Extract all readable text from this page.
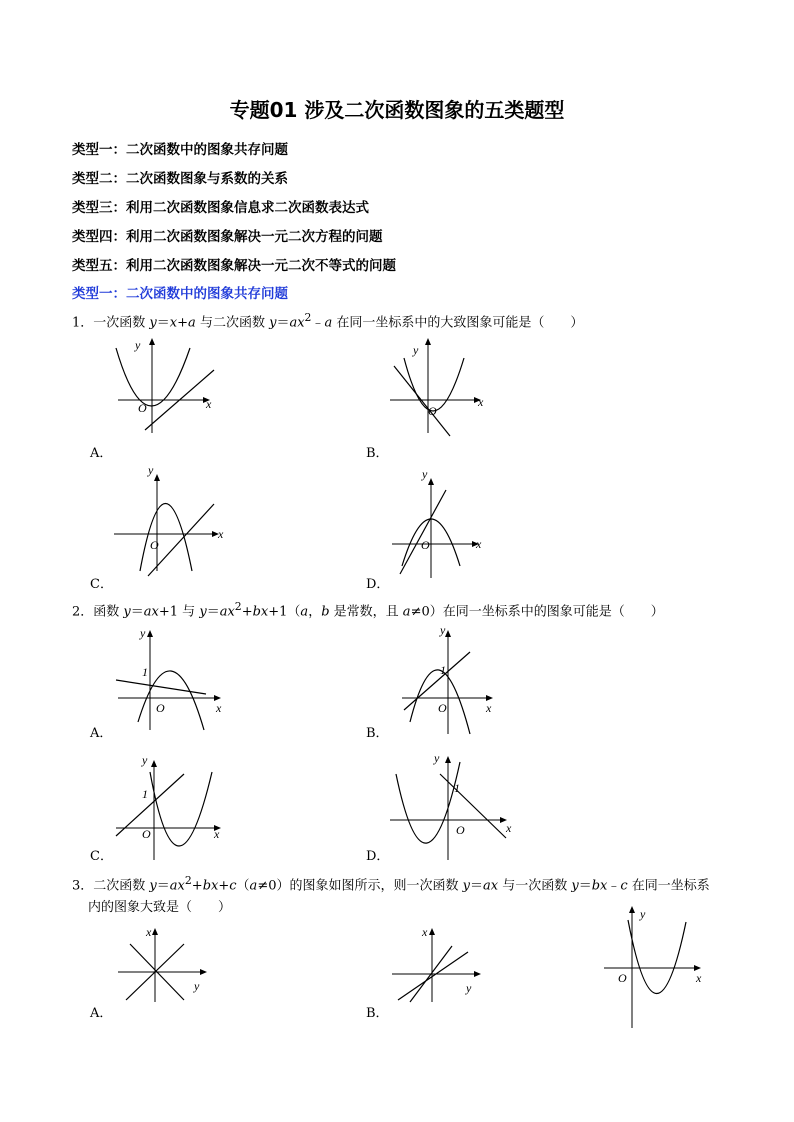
专题01 涉及二次函数图象的五类题型
类型一：二次函数中的图象共存问题
类型二：二次函数图象与系数的关系
类型三：利用二次函数图象信息求二次函数表达式
类型四：利用二次函数图象解决一元二次方程的问题
类型五：利用二次函数图象解决一元二次不等式的问题
类型一：二次函数中的图象共存问题
1．一次函数 y＝x+a 与二次函数 $y=ax^2﹣a$ 在同一坐标系中的大致图象可能是（　　）
x
y
O
A．
x
y
O
B．
x
y
O
C．
x
y
O
D．
2．函数 y＝ax+1 与 $y=ax^2+bx+1(a$，b 是常数，且 a≠0）在同一坐标系中的图象可能是（　　）
x
y
O
1
A．
x
y
O
1
B．
x
y
O
1
C．
x
y
O
1
D．
3．二次函数 $y=ax^2+bx+c(a\ne 0)$的图象如图所示，则一次函数 y＝ax 与一次函数 y＝bx﹣c 在同一坐标系
内的图象大致是（　　）
y
x
A．
y
x
B．
x
y
O
